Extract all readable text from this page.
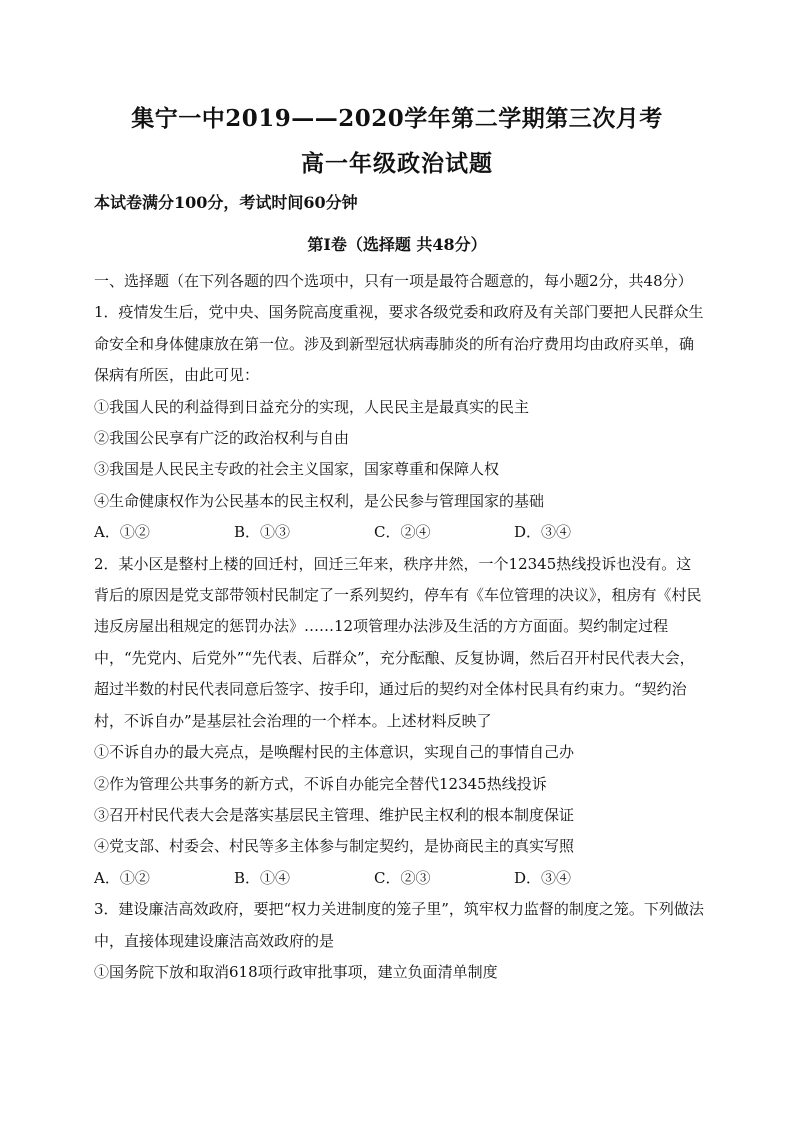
集宁一中2019——2020学年第二学期第三次月考
高一年级政治试题
本试卷满分100分，考试时间60分钟
第Ⅰ卷（选择题 共48分）

一、选择题（在下列各题的四个选项中，只有一项是最符合题意的，每小题2分，共48分）

1．疫情发生后，党中央、国务院高度重视，要求各级党委和政府及有关部门要把人民群众生命安全和身体健康放在第一位。涉及到新型冠状病毒肺炎的所有治疗费用均由政府买单，确保病有所医，由此可见：

①我国人民的利益得到日益充分的实现，人民民主是最真实的民主

②我国公民享有广泛的政治权利与自由

③我国是人民民主专政的社会主义国家，国家尊重和保障人权

④生命健康权作为公民基本的民主权利，是公民参与管理国家的基础

A．①②	B．①③	C．②④	D．③④

2．某小区是整村上楼的回迁村，回迁三年来，秩序井然，一个12345热线投诉也没有。这背后的原因是党支部带领村民制定了一系列契约，停车有《车位管理的决议》，租房有《村民违反房屋出租规定的惩罚办法》……12项管理办法涉及生活的方方面面。契约制定过程中，“先党内、后党外”“先代表、后群众”，充分酝酿、反复协调，然后召开村民代表大会，超过半数的村民代表同意后签字、按手印，通过后的契约对全体村民具有约束力。“契约治村，不诉自办”是基层社会治理的一个样本。上述材料反映了

①不诉自办的最大亮点，是唤醒村民的主体意识，实现自己的事情自己办

②作为管理公共事务的新方式，不诉自办能完全替代12345热线投诉

③召开村民代表大会是落实基层民主管理、维护民主权利的根本制度保证

④党支部、村委会、村民等多主体参与制定契约，是协商民主的真实写照

A．①②	B．①④	C．②③	D．③④

3．建设廉洁高效政府，要把“权力关进制度的笼子里”，筑牢权力监督的制度之笼。下列做法中，直接体现建设廉洁高效政府的是

①国务院下放和取消618项行政审批事项，建立负面清单制度
